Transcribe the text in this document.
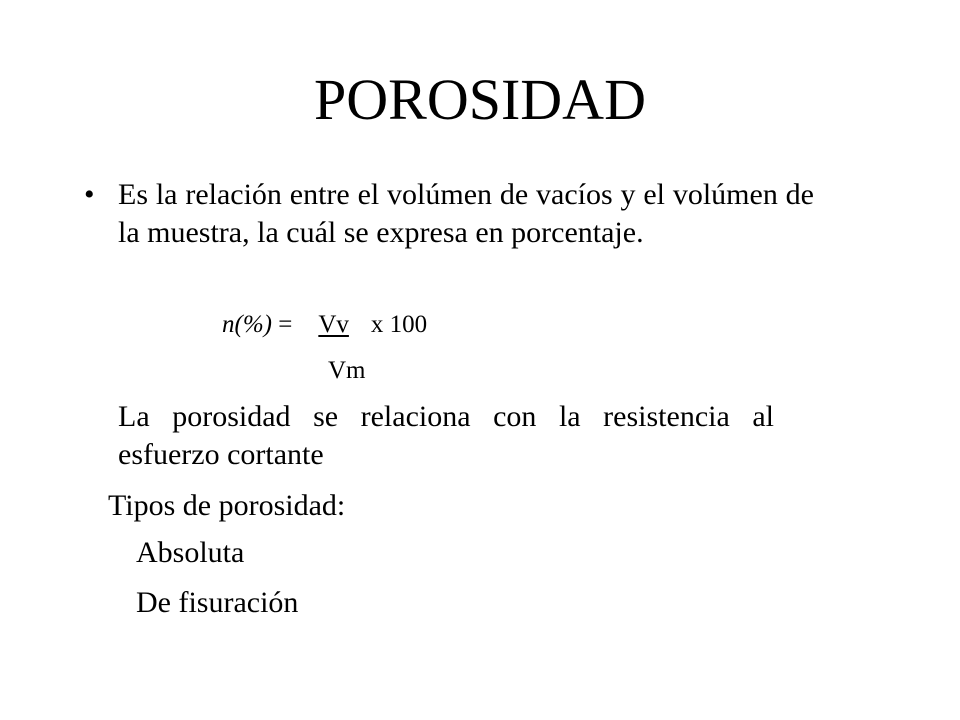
POROSIDAD
• Es la relación entre el volúmen de vacíos y el volúmen de la muestra, la cuál se expresa en porcentaje.
n(%) = Vv x 100
Vm
La porosidad se relaciona con la resistencia al esfuerzo cortante
Tipos de porosidad:
Absoluta
De fisuración
